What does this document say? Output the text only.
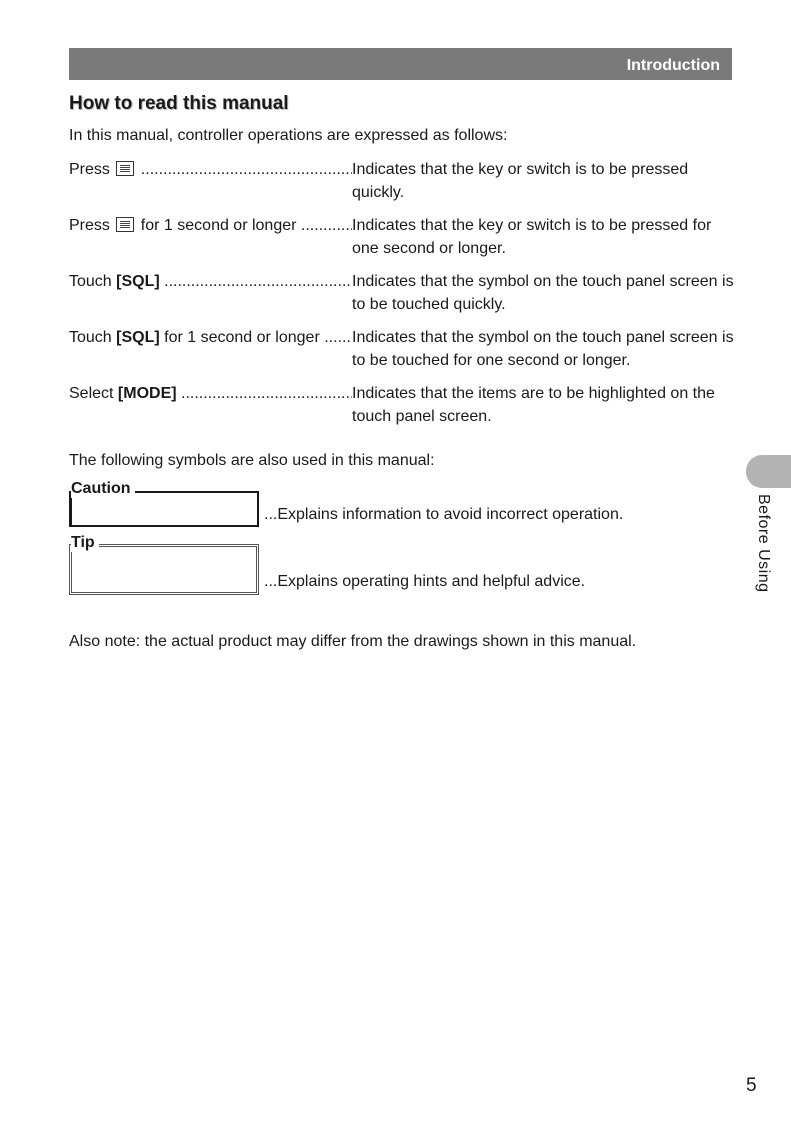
Introduction
How to read this manual
In this manual, controller operations are expressed as follows:
Press  .....	Indicates that the key or switch is to be pressed quickly.
Press  for 1 second or longer .....	Indicates that the key or switch is to be pressed for one second or longer.
Touch [SQL] .....	Indicates that the symbol on the touch panel screen is to be touched quickly.
Touch [SQL] for 1 second or longer .....	Indicates that the symbol on the touch panel screen is to be touched for one second or longer.
Select [MODE] .....	Indicates that the items are to be highlighted on the touch panel screen.
The following symbols are also used in this manual:
Caution
...Explains information to avoid incorrect operation.
Tip
...Explains operating hints and helpful advice.
Also note: the actual product may differ from the drawings shown in this manual.
Before Using
5
